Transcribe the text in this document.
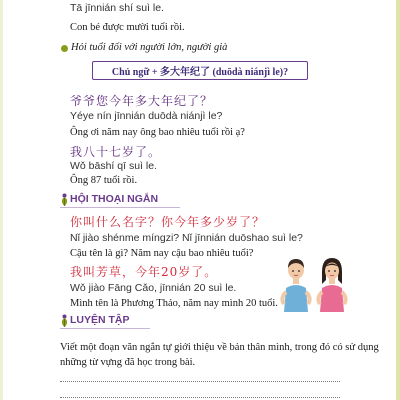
Tā jīnnián shí suì le.
Con bé được mười tuổi rồi.
Hỏi tuổi đối với người lớn, người già
Chủ ngữ + 多大年纪了 (duōdà niánjì le)?
爷爷您今年多大年纪了？
Yéye nín jīnnián duōdà niánjì le?
Ông ơi năm nay ông bao nhiêu tuổi rồi ạ?
我八十七岁了。
Wǒ bāshí qī suì le.
Ông 87 tuổi rồi.
HỘI THOẠI NGẮN
你叫什么名字？你今年多少岁了？
Nǐ jiào shénme míngzi? Nǐ jīnnián duōshao suì le?
Cậu tên là gì? Năm nay cậu bao nhiêu tuổi?
我叫芳草，今年20岁了。
Wǒ jiào Fāng Cǎo, jīnnián 20 suì le.
Mình tên là Phương Thảo, năm nay mình 20 tuổi.
LUYỆN TẬP
Viết một đoạn văn ngắn tự giới thiệu về bản thân mình, trong đó có sử dụng
những từ vựng đã học trong bài.
